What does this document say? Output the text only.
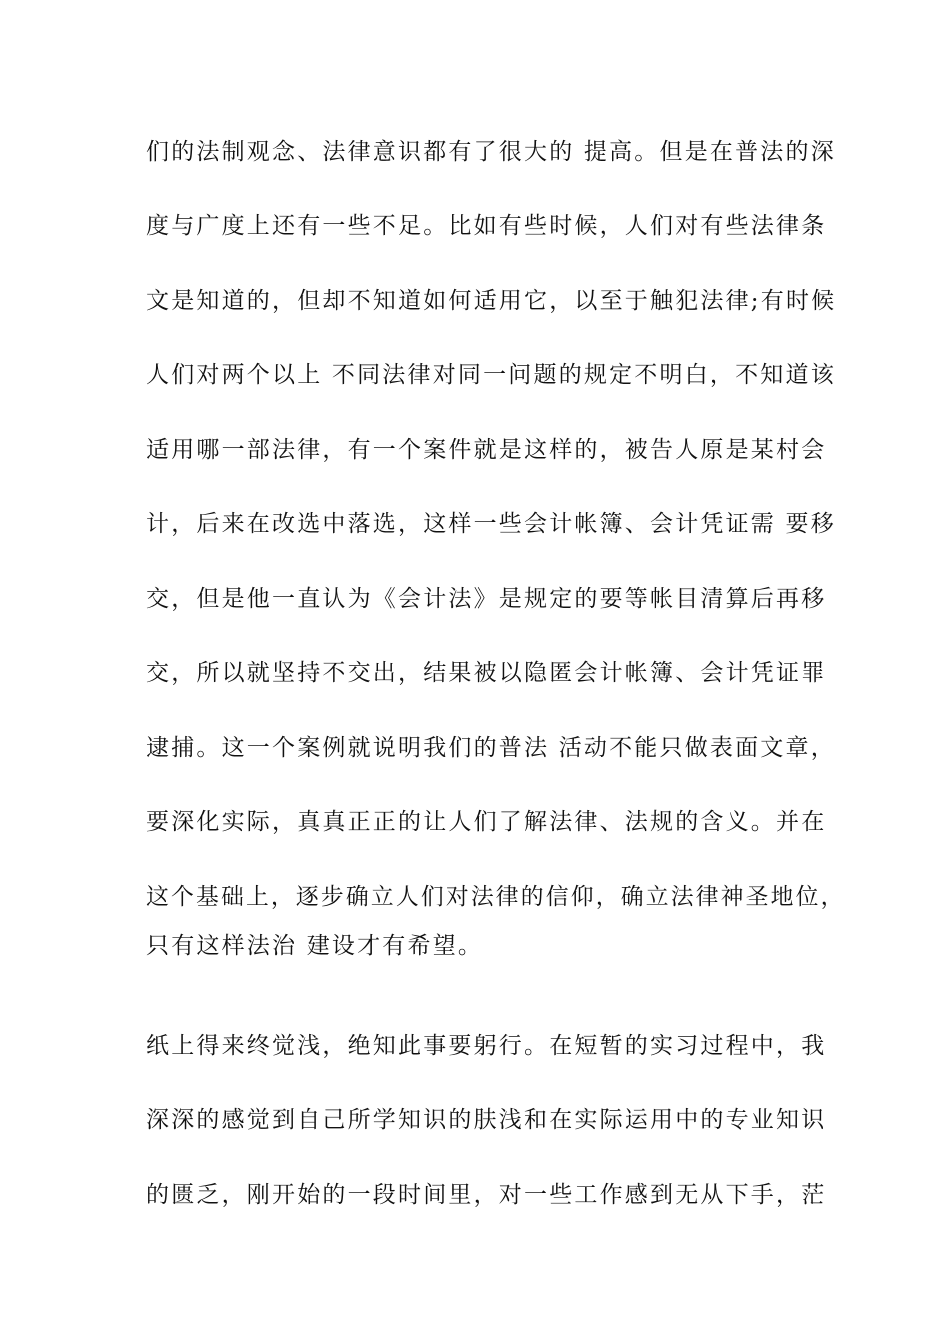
们的法制观念、法律意识都有了很大的 提高。但是在普法的深
度与广度上还有一些不足。比如有些时候，人们对有些法律条
文是知道的，但却不知道如何适用它，以至于触犯法律;有时候
人们对两个以上 不同法律对同一问题的规定不明白，不知道该
适用哪一部法律，有一个案件就是这样的，被告人原是某村会
计，后来在改选中落选，这样一些会计帐簿、会计凭证需 要移
交，但是他一直认为《会计法》是规定的要等帐目清算后再移
交，所以就坚持不交出，结果被以隐匿会计帐簿、会计凭证罪
逮捕。这一个案例就说明我们的普法 活动不能只做表面文章，
要深化实际，真真正正的让人们了解法律、法规的含义。并在
这个基础上，逐步确立人们对法律的信仰，确立法律神圣地位，
只有这样法治 建设才有希望。
纸上得来终觉浅，绝知此事要躬行。在短暂的实习过程中，我
深深的感觉到自己所学知识的肤浅和在实际运用中的专业知识
的匮乏，刚开始的一段时间里，对一些工作感到无从下手，茫
